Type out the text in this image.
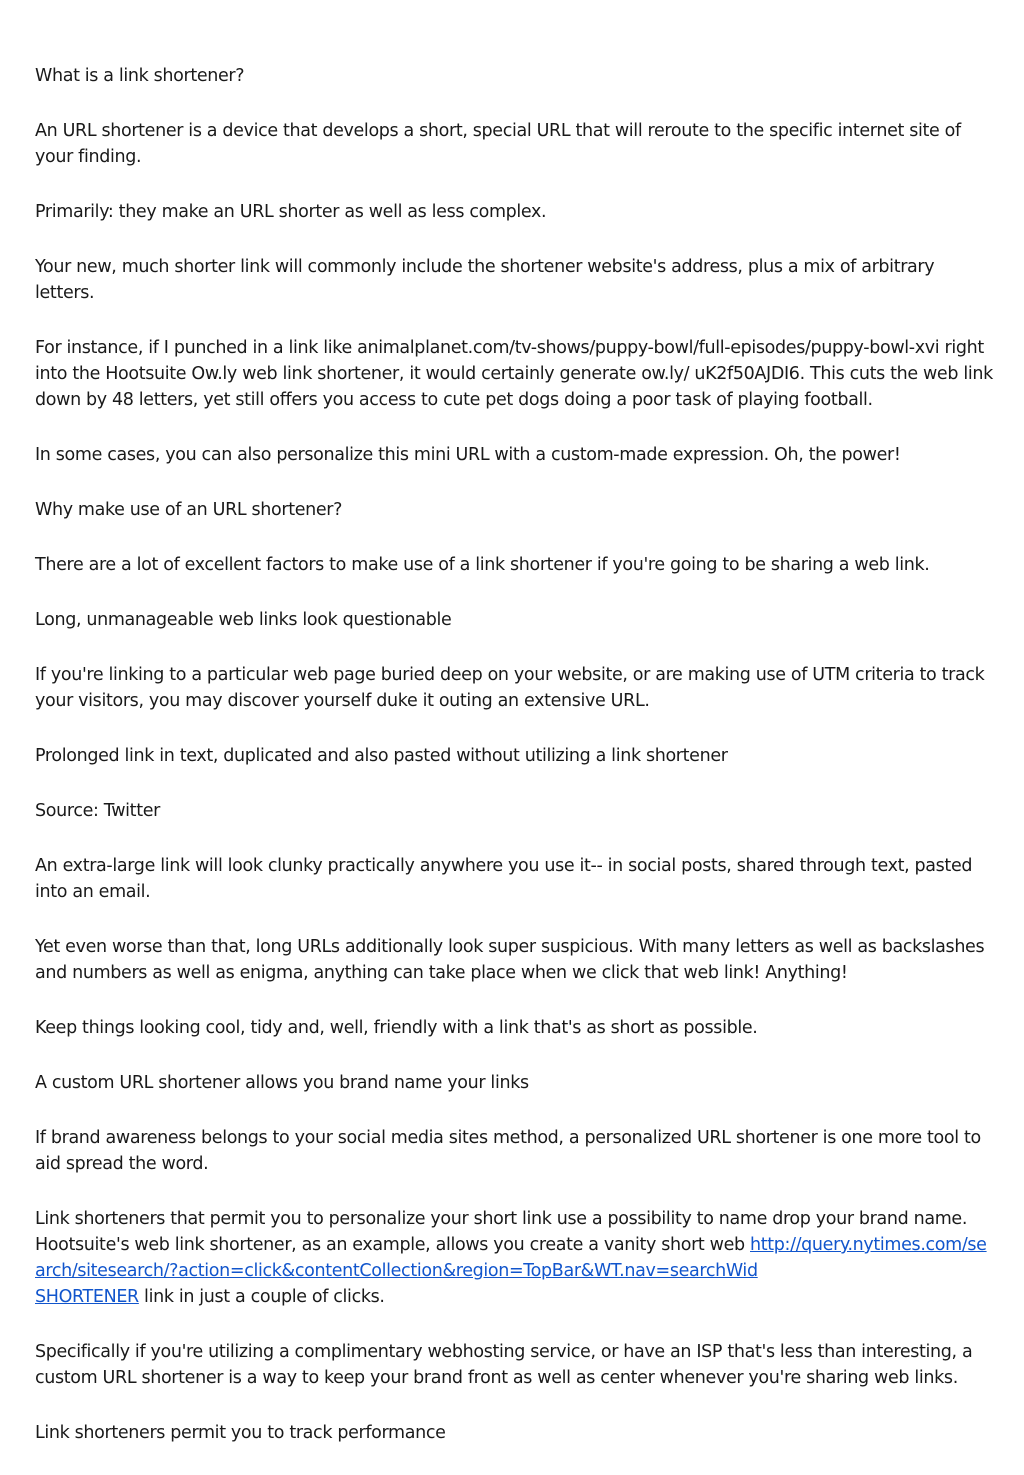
What is a link shortener?

An URL shortener is a device that develops a short, special URL that will reroute to the specific internet site of your finding.

Primarily: they make an URL shorter as well as less complex.

Your new, much shorter link will commonly include the shortener website's address, plus a mix of arbitrary letters.

For instance, if I punched in a link like animalplanet.com/tv-shows/puppy-bowl/full-episodes/puppy-bowl-xvi right into the Hootsuite Ow.ly web link shortener, it would certainly generate ow.ly/ uK2f50AJDI6. This cuts the web link down by 48 letters, yet still offers you access to cute pet dogs doing a poor task of playing football.

In some cases, you can also personalize this mini URL with a custom-made expression. Oh, the power!

Why make use of an URL shortener?

There are a lot of excellent factors to make use of a link shortener if you're going to be sharing a web link.

Long, unmanageable web links look questionable

If you're linking to a particular web page buried deep on your website, or are making use of UTM criteria to track your visitors, you may discover yourself duke it outing an extensive URL.

Prolonged link in text, duplicated and also pasted without utilizing a link shortener

Source: Twitter

An extra-large link will look clunky practically anywhere you use it-- in social posts, shared through text, pasted into an email.

Yet even worse than that, long URLs additionally look super suspicious. With many letters as well as backslashes and numbers as well as enigma, anything can take place when we click that web link! Anything!

Keep things looking cool, tidy and, well, friendly with a link that's as short as possible.

A custom URL shortener allows you brand name your links

If brand awareness belongs to your social media sites method, a personalized URL shortener is one more tool to aid spread the word.

Link shorteners that permit you to personalize your short link use a possibility to name drop your brand name. Hootsuite's web link shortener, as an example, allows you create a vanity short web http://query.nytimes.com/search/sitesearch/?action=click&contentCollection&region=TopBar&WT.nav=searchWid
SHORTENER link in just a couple of clicks.

Specifically if you're utilizing a complimentary webhosting service, or have an ISP that's less than interesting, a custom URL shortener is a way to keep your brand front as well as center whenever you're sharing web links.

Link shorteners permit you to track performance
